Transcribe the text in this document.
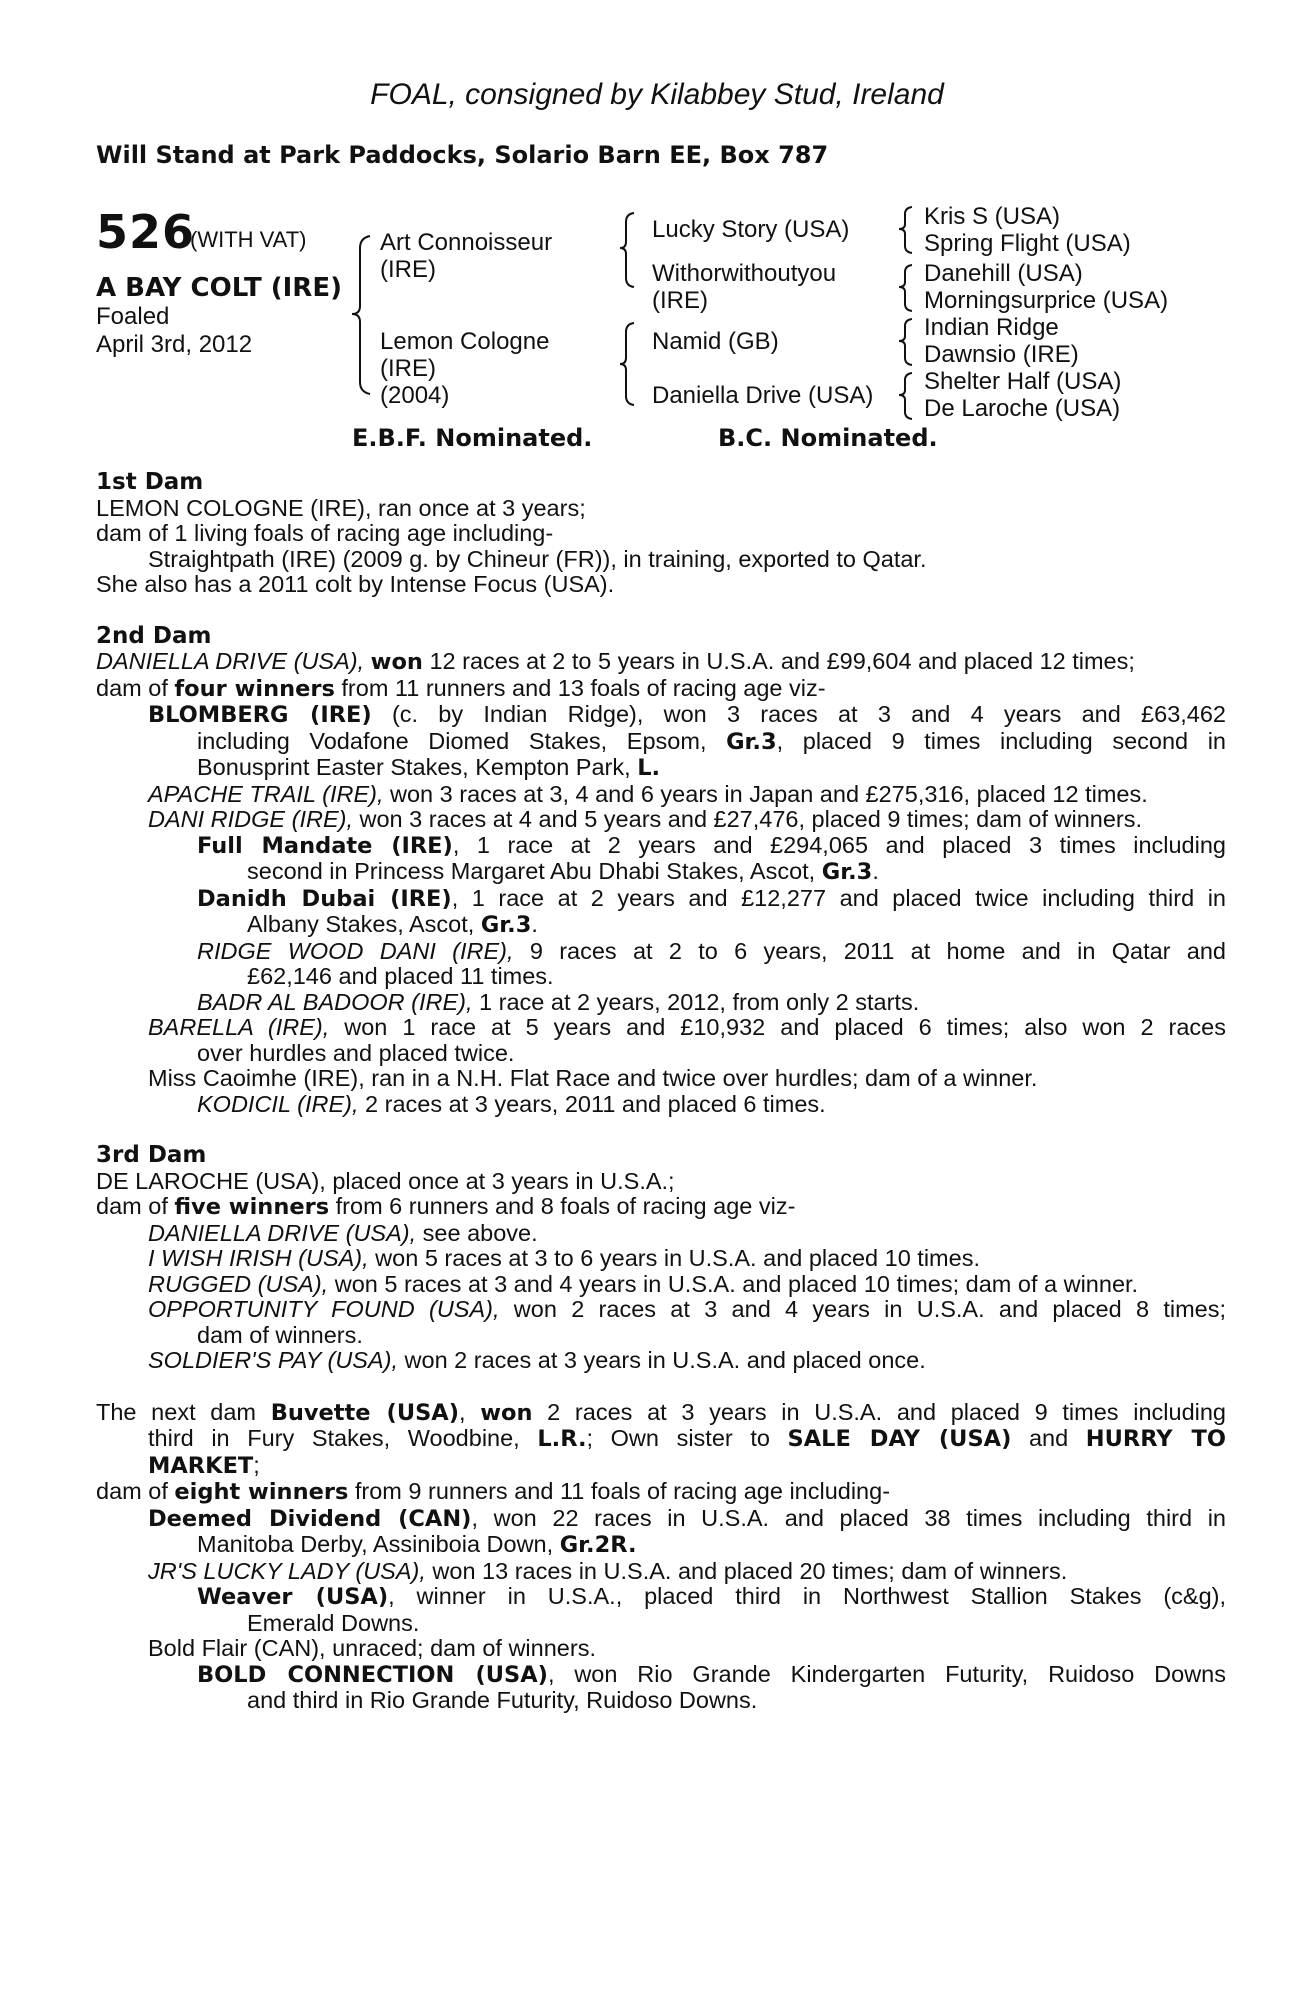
FOAL, consigned by Kilabbey Stud, Ireland
Will Stand at Park Paddocks, Solario Barn EE, Box 787
526
(WITH VAT)
A BAY COLT (IRE)
Foaled
April 3rd, 2012
Art Connoisseur
(IRE)
Lemon Cologne
(IRE)
(2004)
Lucky Story (USA)
Withorwithoutyou
(IRE)
Namid (GB)
Daniella Drive (USA)
Kris S (USA)
Spring Flight (USA)
Danehill (USA)
Morningsurprice (USA)
Indian Ridge
Dawnsio (IRE)
Shelter Half (USA)
De Laroche (USA)
E.B.F. Nominated.	B.C. Nominated.
1st Dam
LEMON COLOGNE (IRE), ran once at 3 years;
dam of 1 living foals of racing age including-
Straightpath (IRE) (2009 g. by Chineur (FR)), in training, exported to Qatar.
She also has a 2011 colt by Intense Focus (USA).
2nd Dam
DANIELLA DRIVE (USA), won 12 races at 2 to 5 years in U.S.A. and £99,604 and placed 12 times;
dam of four winners from 11 runners and 13 foals of racing age viz-
BLOMBERG (IRE) (c. by Indian Ridge), won 3 races at 3 and 4 years and £63,462
including Vodafone Diomed Stakes, Epsom, Gr.3, placed 9 times including second in
Bonusprint Easter Stakes, Kempton Park, L.
APACHE TRAIL (IRE), won 3 races at 3, 4 and 6 years in Japan and £275,316, placed 12 times.
DANI RIDGE (IRE), won 3 races at 4 and 5 years and £27,476, placed 9 times; dam of winners.
Full Mandate (IRE), 1 race at 2 years and £294,065 and placed 3 times including
second in Princess Margaret Abu Dhabi Stakes, Ascot, Gr.3.
Danidh Dubai (IRE), 1 race at 2 years and £12,277 and placed twice including third in
Albany Stakes, Ascot, Gr.3.
RIDGE WOOD DANI (IRE), 9 races at 2 to 6 years, 2011 at home and in Qatar and
£62,146 and placed 11 times.
BADR AL BADOOR (IRE), 1 race at 2 years, 2012, from only 2 starts.
BARELLA (IRE), won 1 race at 5 years and £10,932 and placed 6 times; also won 2 races
over hurdles and placed twice.
Miss Caoimhe (IRE), ran in a N.H. Flat Race and twice over hurdles; dam of a winner.
KODICIL (IRE), 2 races at 3 years, 2011 and placed 6 times.
3rd Dam
DE LAROCHE (USA), placed once at 3 years in U.S.A.;
dam of five winners from 6 runners and 8 foals of racing age viz-
DANIELLA DRIVE (USA), see above.
I WISH IRISH (USA), won 5 races at 3 to 6 years in U.S.A. and placed 10 times.
RUGGED (USA), won 5 races at 3 and 4 years in U.S.A. and placed 10 times; dam of a winner.
OPPORTUNITY FOUND (USA), won 2 races at 3 and 4 years in U.S.A. and placed 8 times;
dam of winners.
SOLDIER'S PAY (USA), won 2 races at 3 years in U.S.A. and placed once.
The next dam Buvette (USA), won 2 races at 3 years in U.S.A. and placed 9 times including
third in Fury Stakes, Woodbine, L.R.; Own sister to SALE DAY (USA) and HURRY TO
MARKET;
dam of eight winners from 9 runners and 11 foals of racing age including-
Deemed Dividend (CAN), won 22 races in U.S.A. and placed 38 times including third in
Manitoba Derby, Assiniboia Down, Gr.2R.
JR'S LUCKY LADY (USA), won 13 races in U.S.A. and placed 20 times; dam of winners.
Weaver (USA), winner in U.S.A., placed third in Northwest Stallion Stakes (c&g),
Emerald Downs.
Bold Flair (CAN), unraced; dam of winners.
BOLD CONNECTION (USA), won Rio Grande Kindergarten Futurity, Ruidoso Downs
and third in Rio Grande Futurity, Ruidoso Downs.
